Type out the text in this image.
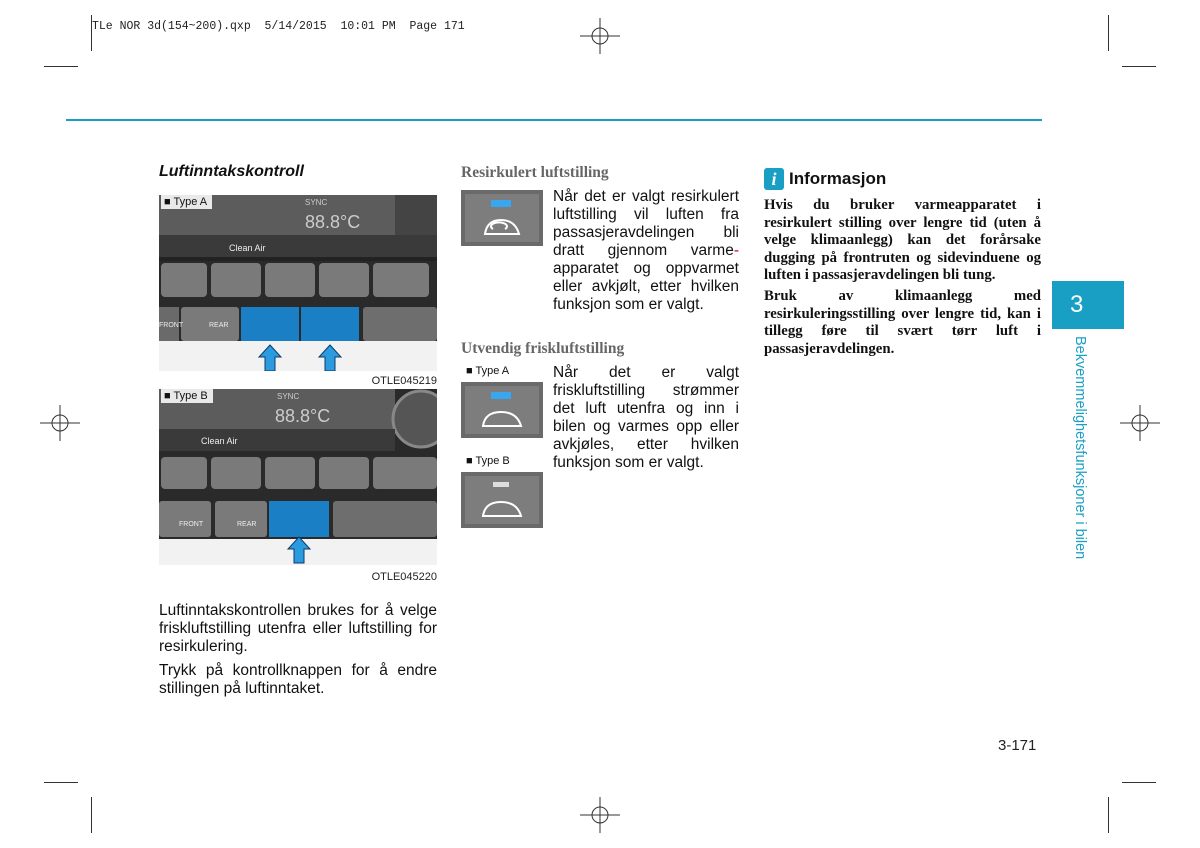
TLe NOR 3d(154~200).qxp  5/14/2015  10:01 PM  Page 171
Luftinntakskontroll
Clean Air
SYNC
88.8°C
FRONT	REAR
■ Type A
OTLE045219
Clean Air
SYNC
88.8°C
FRONT	REAR
■ Type B
OTLE045220

Luftinntakskontrollen brukes for å velge friskluftstilling utenfra eller luftstilling for resirkulering.

Trykk på kontrollknappen for å endre stillingen på luftinntaket.

Resirkulert luftstilling
Når det er valgt resirkulert luftstilling vil luften fra passasjeravdelingen bli dratt gjennom varme- apparatet og oppvarmet eller avkjølt, etter hvilken funksjon som er valgt.
Utvendig friskluftstilling
■ Type A
■ Type B
Når det er valgt friskluftstilling strømmer det luft utenfra og inn i bilen og varmes opp eller avkjøles, etter hvilken funksjon som er valgt.
i Informasjon

Hvis du bruker varmeapparatet i resirkulert stilling over lengre tid (uten å velge klimaanlegg) kan det forårsake dugging på frontruten og sidevinduene og luften i passasjeravdelingen bli tung.

Bruk av klimaanlegg med resirkuleringsstilling over lengre tid, kan i tillegg føre til svært tørr luft i passasjeravdelingen.

3
Bekvemmelighetsfunksjoner i bilen
3-171
